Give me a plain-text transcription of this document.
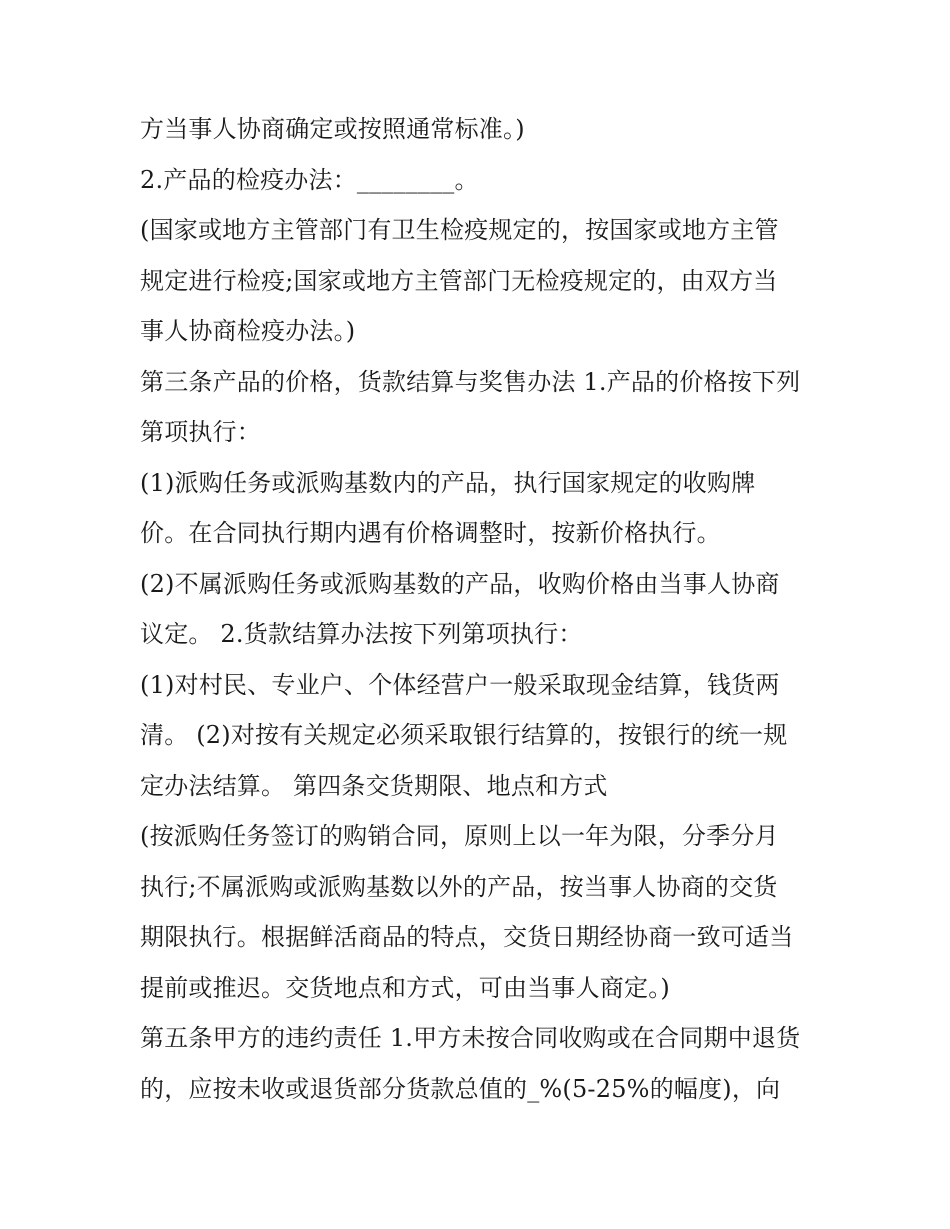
方当事人协商确定或按照通常标准。)
2.产品的检疫办法：________。
(国家或地方主管部门有卫生检疫规定的，按国家或地方主管
规定进行检疫;国家或地方主管部门无检疫规定的，由双方当
事人协商检疫办法。)
第三条产品的价格，货款结算与奖售办法 1.产品的价格按下列
第项执行：
(1)派购任务或派购基数内的产品，执行国家规定的收购牌
价。在合同执行期内遇有价格调整时，按新价格执行。
(2)不属派购任务或派购基数的产品，收购价格由当事人协商
议定。 2.货款结算办法按下列第项执行：
(1)对村民、专业户、个体经营户一般采取现金结算，钱货两
清。 (2)对按有关规定必须采取银行结算的，按银行的统一规
定办法结算。 第四条交货期限、地点和方式
(按派购任务签订的购销合同，原则上以一年为限，分季分月
执行;不属派购或派购基数以外的产品，按当事人协商的交货
期限执行。根据鲜活商品的特点，交货日期经协商一致可适当
提前或推迟。交货地点和方式，可由当事人商定。)
第五条甲方的违约责任 1.甲方未按合同收购或在合同期中退货
的，应按未收或退货部分货款总值的_%(5-25%的幅度)，向
